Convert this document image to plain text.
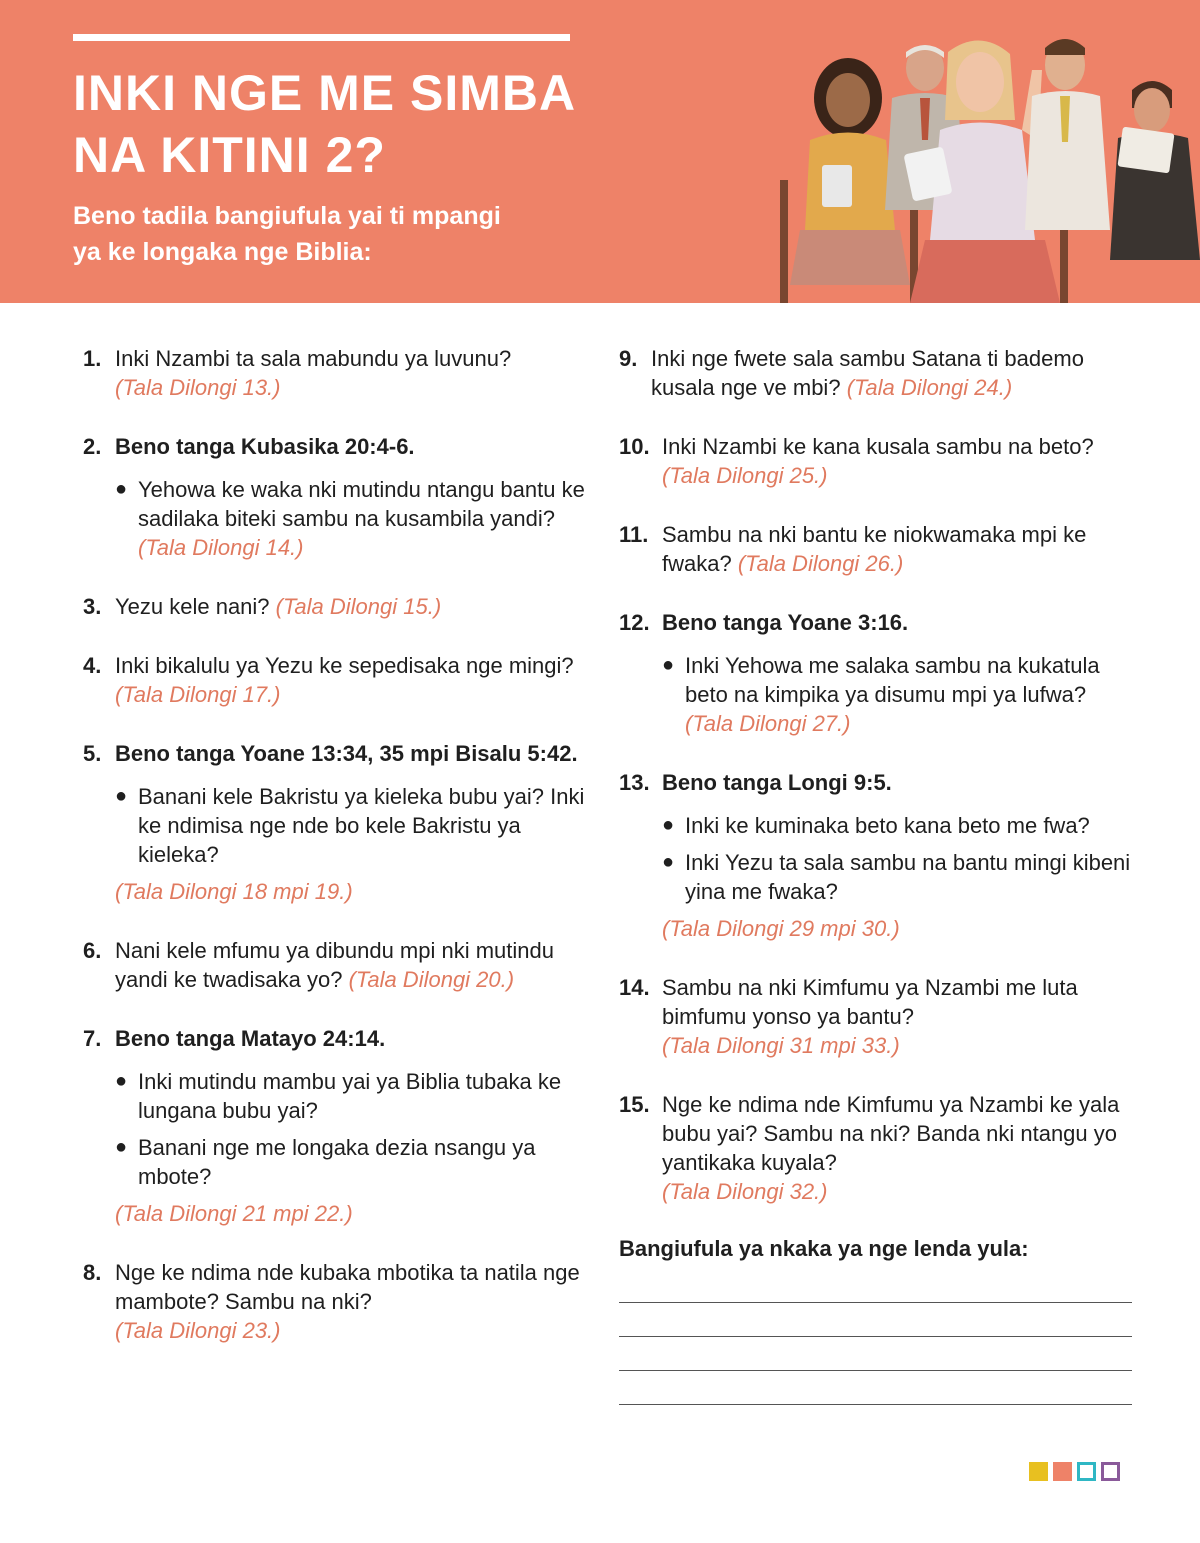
INKI NGE ME SIMBA
NA KITINI 2?
Beno tadila bangiufula yai ti mpangi
ya ke longaka nge Biblia:
1. Inki Nzambi ta sala mabundu ya luvunu?
(Tala Dilongi 13.)
2. Beno tanga Kubasika 20:4-6.
● Yehowa ke waka nki mutindu ntangu bantu ke sadilaka biteki sambu na kusambila yandi? (Tala Dilongi 14.)
3. Yezu kele nani? (Tala Dilongi 15.)
4. Inki bikalulu ya Yezu ke sepedisaka nge mingi? (Tala Dilongi 17.)
5. Beno tanga Yoane 13:34, 35 mpi Bisalu 5:42.
● Banani kele Bakristu ya kieleka bubu yai? Inki ke ndimisa nge nde bo kele Bakristu ya kieleka?
(Tala Dilongi 18 mpi 19.)
6. Nani kele mfumu ya dibundu mpi nki mutindu yandi ke twadisaka yo? (Tala Dilongi 20.)
7. Beno tanga Matayo 24:14.
● Inki mutindu mambu yai ya Biblia tubaka ke lungana bubu yai?
● Banani nge me longaka dezia nsangu ya mbote?
(Tala Dilongi 21 mpi 22.)
8. Nge ke ndima nde kubaka mbotika ta natila nge mambote? Sambu na nki?
(Tala Dilongi 23.)
9. Inki nge fwete sala sambu Satana ti bademo kusala nge ve mbi? (Tala Dilongi 24.)
10. Inki Nzambi ke kana kusala sambu na beto?
(Tala Dilongi 25.)
11. Sambu na nki bantu ke niokwamaka mpi ke fwaka? (Tala Dilongi 26.)
12. Beno tanga Yoane 3:16.
● Inki Yehowa me salaka sambu na kukatula beto na kimpika ya disumu mpi ya lufwa?
(Tala Dilongi 27.)
13. Beno tanga Longi 9:5.
● Inki ke kuminaka beto kana beto me fwa?
● Inki Yezu ta sala sambu na bantu mingi kibeni yina me fwaka?
(Tala Dilongi 29 mpi 30.)
14. Sambu na nki Kimfumu ya Nzambi me luta bimfumu yonso ya bantu?
(Tala Dilongi 31 mpi 33.)
15. Nge ke ndima nde Kimfumu ya Nzambi ke yala bubu yai? Sambu na nki? Banda nki ntangu yo yantikaka kuyala?
(Tala Dilongi 32.)
Bangiufula ya nkaka ya nge lenda yula:
